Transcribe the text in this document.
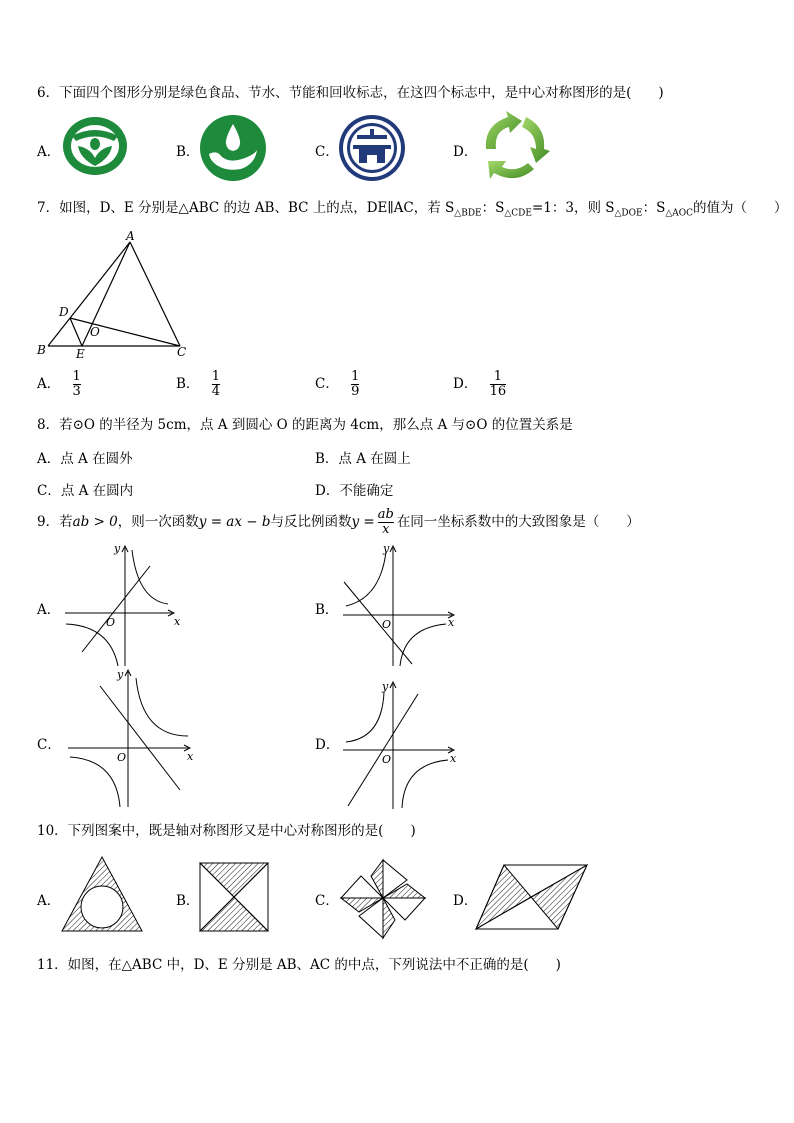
6．下面四个图形分别是绿色食品、节水、节能和回收标志，在这四个标志中，是中心对称图形的是(　　)
A．	B．	C．	D．
7．如图，D、E 分别是△ABC 的边 AB、BC 上的点，DE∥AC，若 $S_{\triangle BDE}$：$S_{\triangle CDE}=1$：3，则 $S_{\triangle DOE}$：$S_{\triangle AOC}$的值为（　　）
A
B	C
D
E
O
A． $\frac{1}{3}$	B． $\frac{1}{4}$	C． $\frac{1}{9}$	D． $\frac{1}{16}$
8．若⊙O 的半径为 5cm，点 A 到圆心 O 的距离为 4cm，那么点 A 与⊙O 的位置关系是
A．点 A 在圆外	B．点 A 在圆上
C．点 A 在圆内	D．不能确定
9．若ab > 0，则一次函数y = ax − b与反比例函数$y = \frac{ab}{x}$ 在同一坐标系数中的大致图象是（　　）
A．
x
y
O
B．
x
y
O
C．
x
y
O
D．
x
y
O
10．下列图案中，既是轴对称图形又是中心对称图形的是(　　)
A．	B．	C．	D．
11．如图，在△ABC 中，D、E 分别是 AB、AC 的中点，下列说法中不正确的是(　　)
